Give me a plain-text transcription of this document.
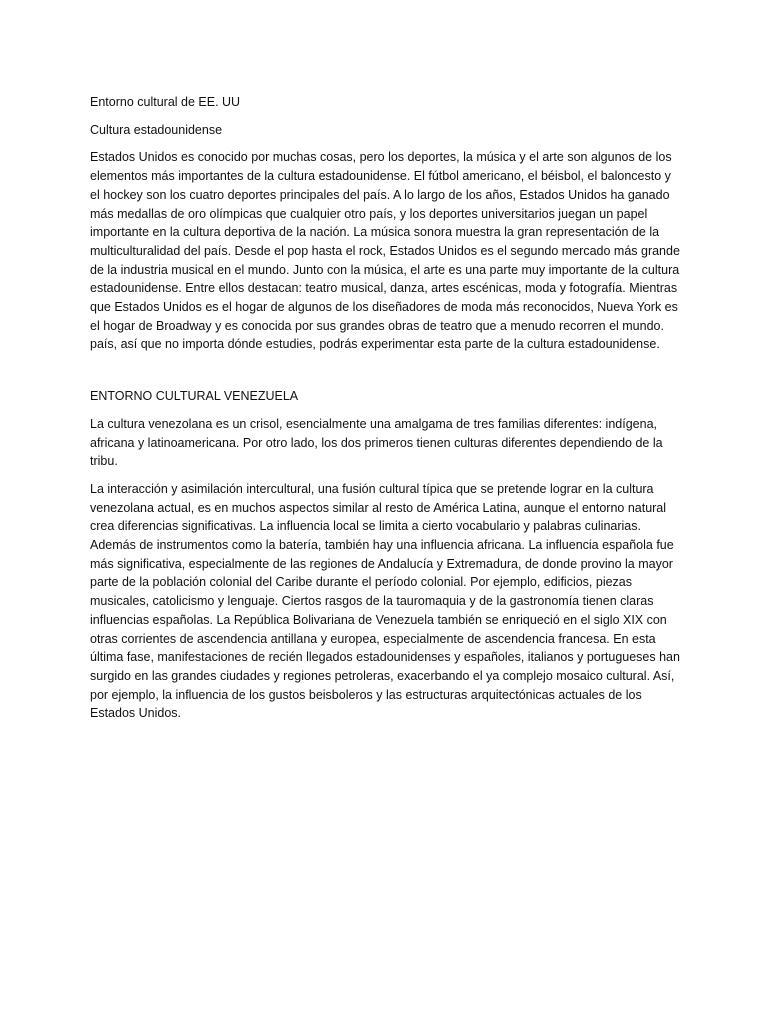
Entorno cultural de EE. UU

Cultura estadounidense

Estados Unidos es conocido por muchas cosas, pero los deportes, la música y el arte son algunos de los elementos más importantes de la cultura estadounidense. El fútbol americano, el béisbol, el baloncesto y el hockey son los cuatro deportes principales del país. A lo largo de los años, Estados Unidos ha ganado más medallas de oro olímpicas que cualquier otro país, y los deportes universitarios juegan un papel importante en la cultura deportiva de la nación. La música sonora muestra la gran representación de la multiculturalidad del país. Desde el pop hasta el rock, Estados Unidos es el segundo mercado más grande de la industria musical en el mundo. Junto con la música, el arte es una parte muy importante de la cultura estadounidense. Entre ellos destacan: teatro musical, danza, artes escénicas, moda y fotografía. Mientras que Estados Unidos es el hogar de algunos de los diseñadores de moda más reconocidos, Nueva York es el hogar de Broadway y es conocida por sus grandes obras de teatro que a menudo recorren el mundo. país, así que no importa dónde estudies, podrás experimentar esta parte de la cultura estadounidense.

ENTORNO CULTURAL VENEZUELA

La cultura venezolana es un crisol, esencialmente una amalgama de tres familias diferentes: indígena, africana y latinoamericana. Por otro lado, los dos primeros tienen culturas diferentes dependiendo de la tribu.

La interacción y asimilación intercultural, una fusión cultural típica que se pretende lograr en la cultura venezolana actual, es en muchos aspectos similar al resto de América Latina, aunque el entorno natural crea diferencias significativas. La influencia local se limita a cierto vocabulario y palabras culinarias. Además de instrumentos como la batería, también hay una influencia africana. La influencia española fue más significativa, especialmente de las regiones de Andalucía y Extremadura, de donde provino la mayor parte de la población colonial del Caribe durante el período colonial. Por ejemplo, edificios, piezas musicales, catolicismo y lenguaje. Ciertos rasgos de la tauromaquia y de la gastronomía tienen claras influencias españolas. La República Bolivariana de Venezuela también se enriqueció en el siglo XIX con otras corrientes de ascendencia antillana y europea, especialmente de ascendencia francesa. En esta última fase, manifestaciones de recién llegados estadounidenses y españoles, italianos y portugueses han surgido en las grandes ciudades y regiones petroleras, exacerbando el ya complejo mosaico cultural. Así, por ejemplo, la influencia de los gustos beisboleros y las estructuras arquitectónicas actuales de los Estados Unidos.
